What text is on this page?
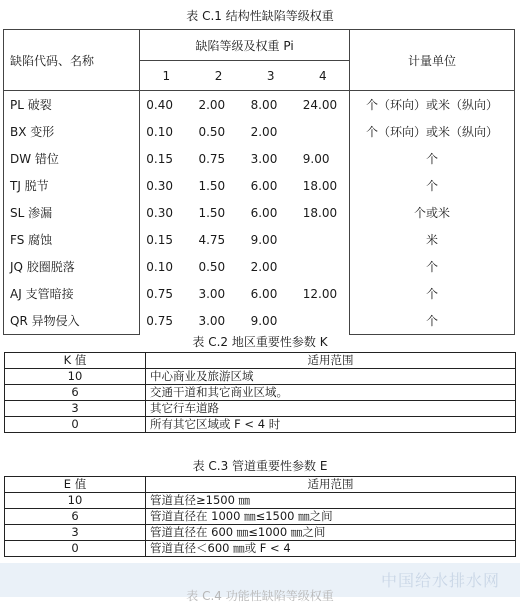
表 C.1 结构性缺陷等级权重
缺陷代码、名称	缺陷等级及权重 Pi				计量单位
	1	2	3	4	
PL 破裂	0.40	2.00	8.00	24.00	个（环向）或米（纵向）
BX 变形	0.10	0.50	2.00		个（环向）或米（纵向）
DW 错位	0.15	0.75	3.00	9.00	个
TJ 脱节	0.30	1.50	6.00	18.00	个
SL 渗漏	0.30	1.50	6.00	18.00	个或米
FS 腐蚀	0.15	4.75	9.00		米
JQ 胶圈脱落	0.10	0.50	2.00		个
AJ 支管暗接	0.75	3.00	6.00	12.00	个
QR 异物侵入	0.75	3.00	9.00		个
表 C.2 地区重要性参数 K
K 值	适用范围
10	中心商业及旅游区域
6	交通干道和其它商业区域。
3	其它行车道路
0	所有其它区域或 F < 4 时
表 C.3 管道重要性参数 E
E 值	适用范围
10	管道直径≥1500 ㎜
6	管道直径在 1000 ㎜≤1500 ㎜之间
3	管道直径在 600 ㎜≤1000 ㎜之间
0	管道直径＜600 ㎜或 F < 4
中国给水排水网
表 C.4 功能性缺陷等级权重
